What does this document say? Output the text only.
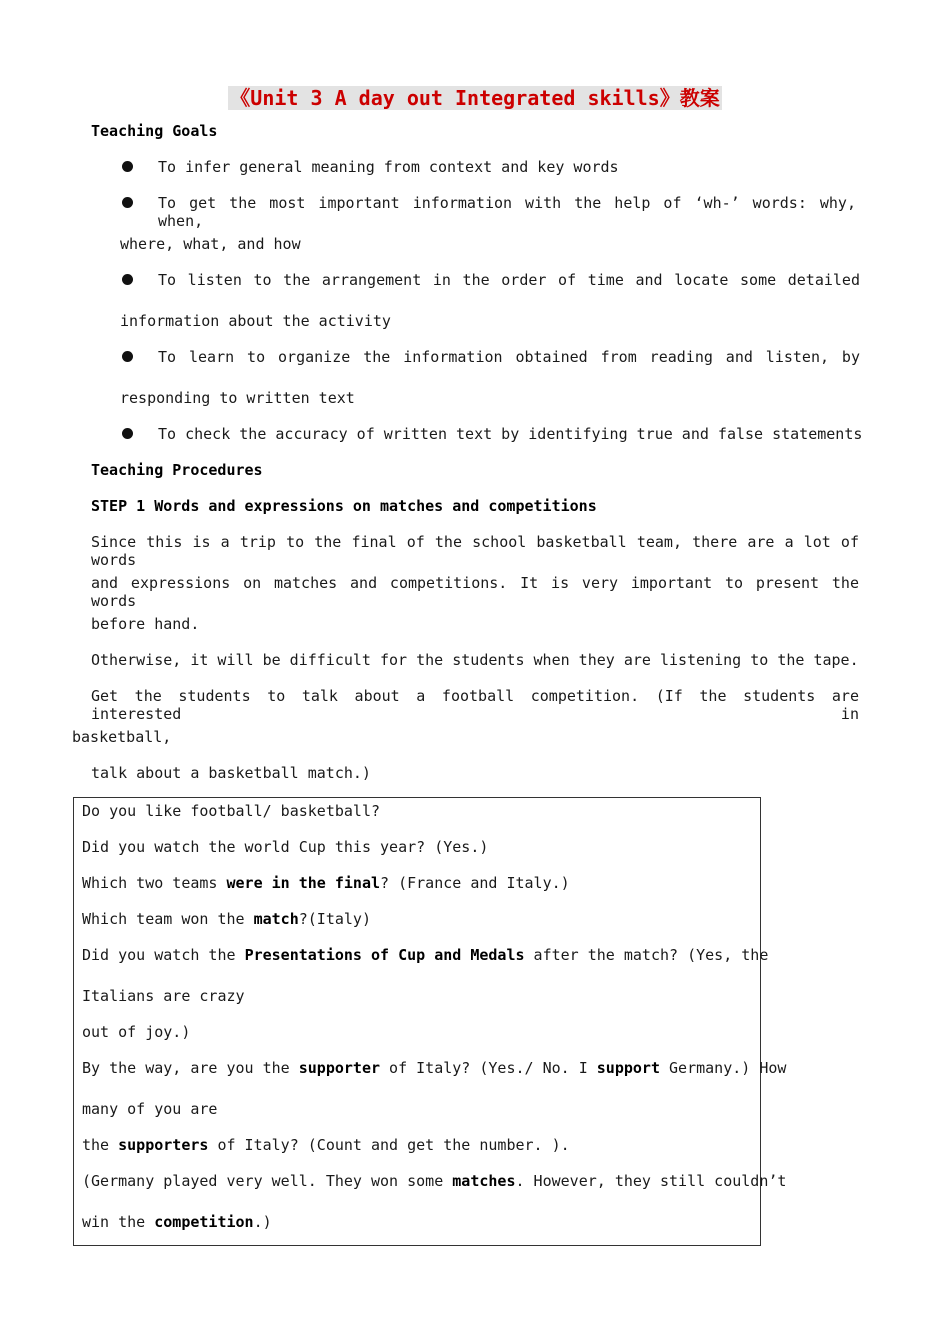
《Unit 3 A day out Integrated skills》教案
Teaching Goals
To infer general meaning from context and key words
To get the most important information with the help of ‘wh-’ words: why, when,
where, what, and how
To listen to the arrangement in the order of time and locate some detailed
information about the activity
To learn to organize the information obtained from reading and listen, by
responding to written text
To check the accuracy of written text by identifying true and false statements
Teaching Procedures
STEP 1 Words and expressions on matches and competitions
Since this is a trip to the final of the school basketball team, there are a lot of words
and expressions on matches and competitions. It is very important to present the words
before hand.
Otherwise, it will be difficult for the students when they are listening to the tape.
Get the students to talk about a football competition. (If the students are interested in
basketball,
talk about a basketball match.)
Do you like football/ basketball?
Did you watch the world Cup this year? (Yes.)
Which two teams were in the final? (France and Italy.)
Which team won the match?(Italy)
Did you watch the Presentations of Cup and Medals after the match? (Yes, the
Italians are crazy
out of joy.)
By the way, are you the supporter of Italy? (Yes./ No. I support Germany.) How
many of you are
the supporters of Italy? (Count and get the number. ).
(Germany played very well. They won some matches. However, they still couldn’t
win the competition.)
